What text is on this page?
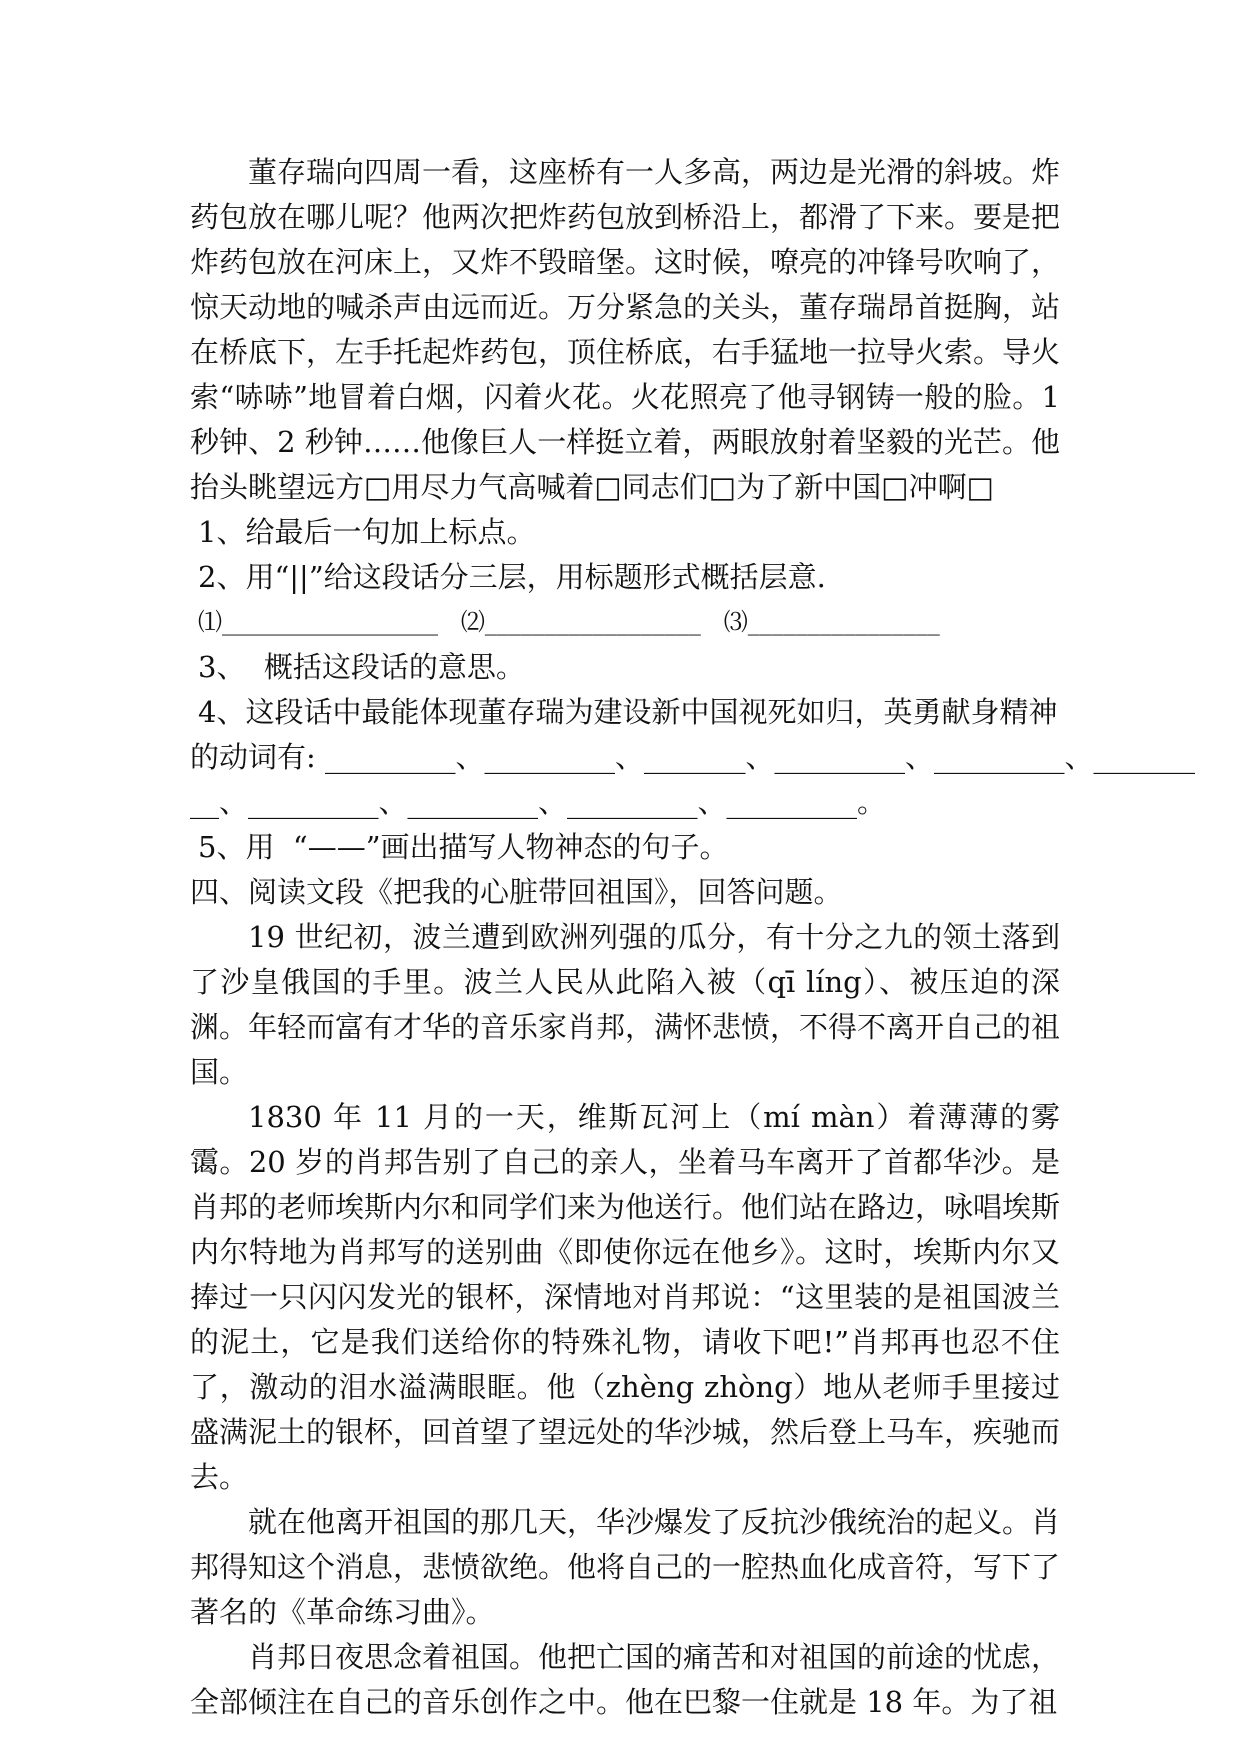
董存瑞向四周一看，这座桥有一人多高，两边是光滑的斜坡。炸药包放在哪儿呢？他两次把炸药包放到桥沿上，都滑了下来。要是把炸药包放在河床上，又炸不毁暗堡。这时候，嘹亮的冲锋号吹响了，惊天动地的喊杀声由远而近。万分紧急的关头，董存瑞昂首挺胸，站在桥底下，左手托起炸药包，顶住桥底，右手猛地一拉导火索。导火索“哧哧”地冒着白烟，闪着火花。火花照亮了他寻钢铸一般的脸。1 秒钟、2 秒钟……他像巨人一样挺立着，两眼放射着坚毅的光芒。他抬头眺望远方□用尽力气高喊着□同志们□为了新中国□冲啊□

1、给最后一句加上标点。

2、用“||”给这段话分三层，用标题形式概括层意.

⑴__________________   ⑵__________________   ⑶________________

3、  概括这段话的意思。

4、这段话中最能体现董存瑞为建设新中国视死如归，英勇献身精神

的动词有: _________、_________、_______、_________、_________、_______

__、_________、_________、_________、_________。

5、用  “——”画出描写人物神态的句子。

四、阅读文段《把我的心脏带回祖国》，回答问题。

19 世纪初，波兰遭到欧洲列强的瓜分，有十分之九的领土落到了沙皇俄国的手里。波兰人民从此陷入被（qī líng）、被压迫的深渊。年轻而富有才华的音乐家肖邦，满怀悲愤，不得不离开自己的祖国。

1830 年 11 月的一天，维斯瓦河上（mí màn）着薄薄的雾霭。20 岁的肖邦告别了自己的亲人，坐着马车离开了首都华沙。是肖邦的老师埃斯内尔和同学们来为他送行。他们站在路边，咏唱埃斯内尔特地为肖邦写的送别曲《即使你远在他乡》。这时，埃斯内尔又捧过一只闪闪发光的银杯，深情地对肖邦说：“这里装的是祖国波兰的泥土，它是我们送给你的特殊礼物，请收下吧!”肖邦再也忍不住了，激动的泪水溢满眼眶。他（zhèng zhòng）地从老师手里接过盛满泥土的银杯，回首望了望远处的华沙城，然后登上马车，疾驰而去。

就在他离开祖国的那几天，华沙爆发了反抗沙俄统治的起义。肖邦得知这个消息，悲愤欲绝。他将自己的一腔热血化成音符，写下了著名的《革命练习曲》。

肖邦日夜思念着祖国。他把亡国的痛苦和对祖国的前途的忧虑，全部倾注在自己的音乐创作之中。他在巴黎一住就是 18 年。为了祖
